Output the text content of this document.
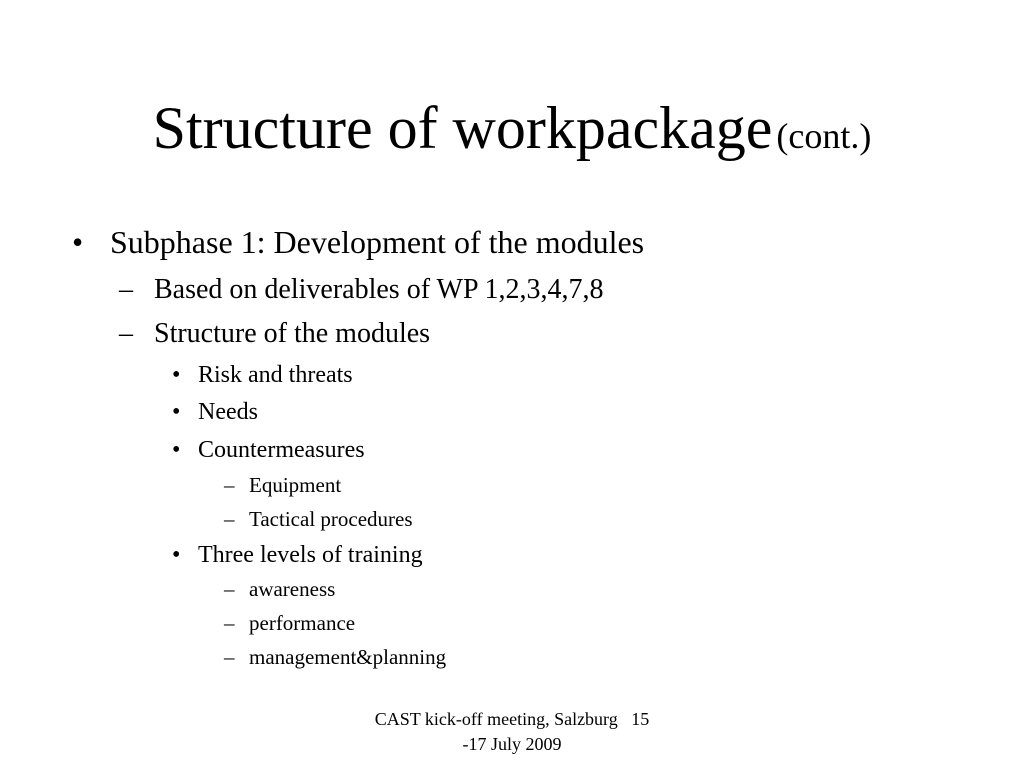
Structure of workpackage (cont.)
• Subphase 1: Development of the modules
– Based on deliverables of WP 1,2,3,4,7,8
– Structure of the modules
• Risk and threats
• Needs
• Countermeasures
– Equipment
– Tactical procedures
• Three levels of training
– awareness
– performance
– management&planning
CAST kick-off meeting, Salzburg   15
-17 July 2009
